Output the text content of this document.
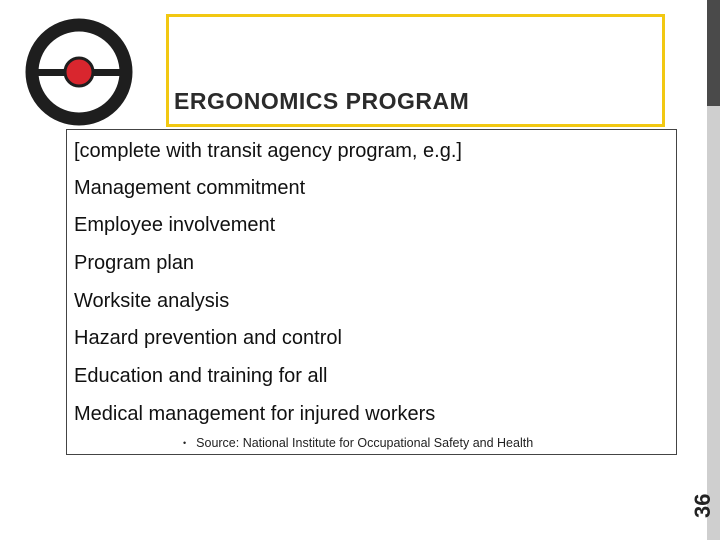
ERGONOMICS PROGRAM

[complete with transit agency program, e.g.]

Management commitment

Employee involvement

Program plan

Worksite analysis

Hazard prevention and control

Education and training for all

Medical management for injured workers

• Source: National Institute for Occupational Safety and Health

36
